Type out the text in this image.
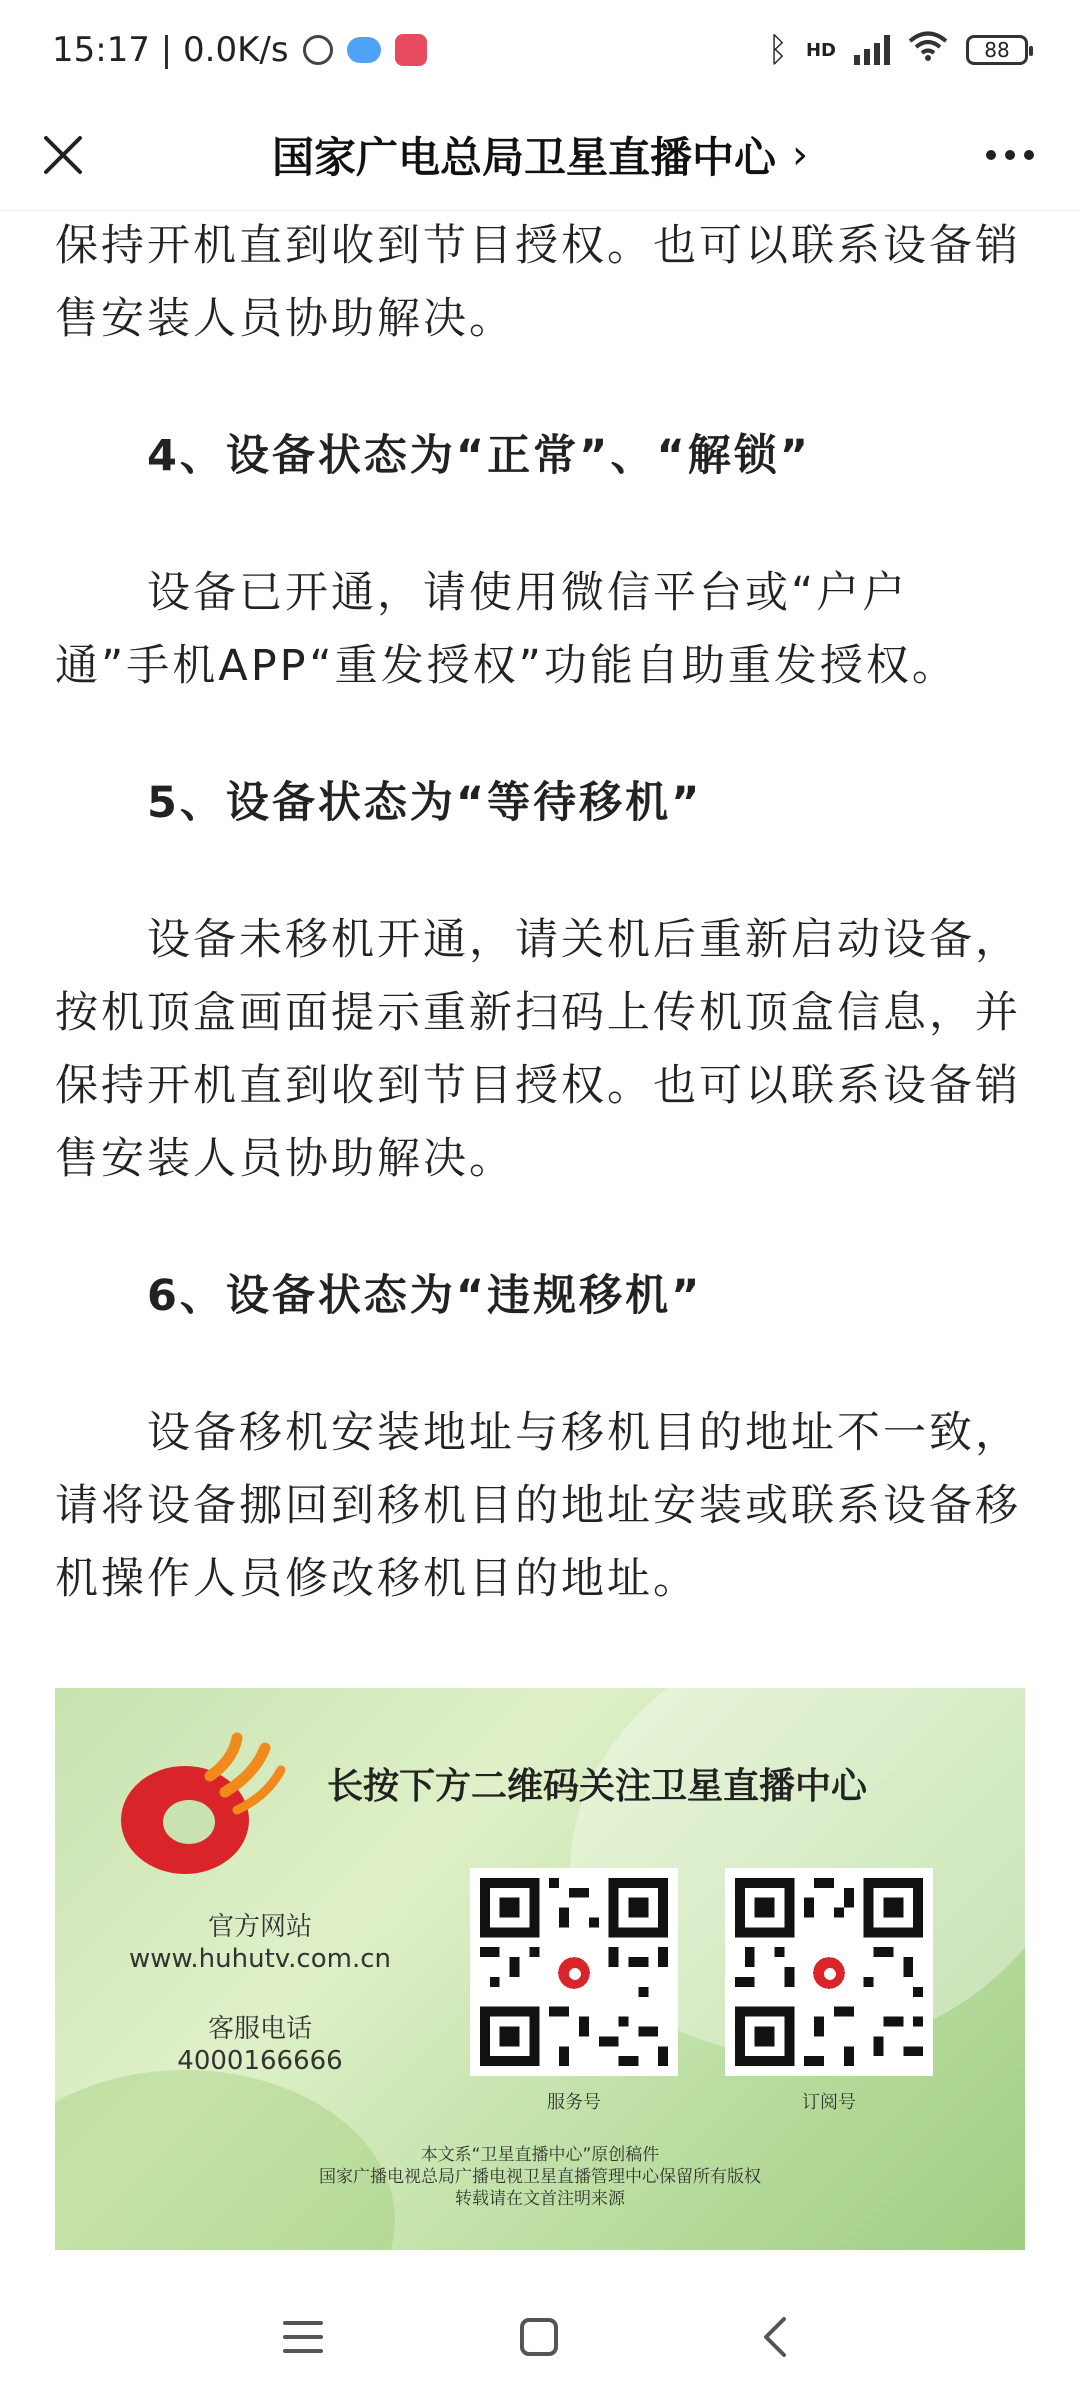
15:17 | 0.0K/s	ᛒ HD	88
国家广电总局卫星直播中心 ›

保持开机直到收到节目授权。也可以联系设备销售安装人员协助解决。

4、设备状态为“正常”、“解锁”

设备已开通，请使用微信平台或“户户通”手机APP“重发授权”功能自助重发授权。

5、设备状态为“等待移机”

设备未移机开通，请关机后重新启动设备，按机顶盒画面提示重新扫码上传机顶盒信息，并保持开机直到收到节目授权。也可以联系设备销售安装人员协助解决。

6、设备状态为“违规移机”

设备移机安装地址与移机目的地址不一致，请将设备挪回到移机目的地址安装或联系设备移机操作人员修改移机目的地址。

长按下方二维码关注卫星直播中心
官方网站
www.huhutv.com.cn
客服电话
4000166666
服务号	订阅号
本文系“卫星直播中心”原创稿件
国家广播电视总局广播电视卫星直播管理中心保留所有版权
转载请在文首注明来源
